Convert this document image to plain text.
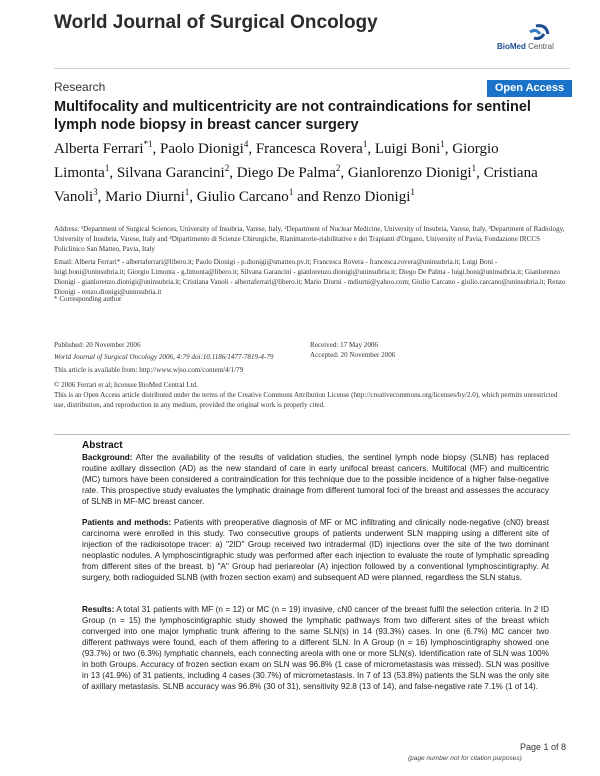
World Journal of Surgical Oncology
BioMed Central
Research	Open Access
Multifocality and multicentricity are not contraindications for sentinel lymph node biopsy in breast cancer surgery
Alberta Ferrari$^{*1}$, Paolo Dionigi$^4$, Francesca Rovera$^1$, Luigi Boni$^1$, Giorgio Limonta$^1$, Silvana Garancini$^2$, Diego De Palma$^2$, Gianlorenzo Dionigi$^1$, Cristiana Vanoli$^3$, Mario Diurni$^1$, Giulio Carcano$^1$ and Renzo Dionigi$^1$
Address: ¹Department of Surgical Sciences, University of Insubria, Varese, Italy, ²Department of Nuclear Medicine, University of Insubria, Varese, Italy, ³Department of Radiology, University of Insubria, Varese, Italy and ⁴Dipartimento di Scienze Chirurgiche, Rianimatorie-riabilitative e dei Trapianti d'Organo, University of Pavia, Fondazione IRCCS Policlinico San Matteo, Pavia, Italy
Email: Alberta Ferrari* - albertaferrari@libero.it; Paolo Dionigi - p.dionigi@smatteo.pv.it; Francesca Rovera - francesca.rovera@uninsubria.it; Luigi Boni - luigi.boni@uninsubria.it; Giorgio Limonta - g.limonta@libero.it; Silvana Garancini - gianlorenzo.dionigi@uninsubria.it; Diego De Palma - luigi.boni@uninsubria.it; Gianlorenzo Dionigi - gianlorenzo.dionigi@uninsubria.it; Cristiana Vanoli - albertaferrari@libero.it; Mario Diurni - mdiurni@yahoo.com; Giulio Carcano - giulio.carcano@uninsubria.it; Renzo Dionigi - renzo.dionigi@uninsubria.it
* Corresponding author
Published: 20 November 2006
World Journal of Surgical Oncology 2006, 4:79 doi:10.1186/1477-7819-4-79
Received: 17 May 2006
Accepted: 20 November 2006
This article is available from: http://www.wjso.com/content/4/1/79
© 2006 Ferrari et al; licensee BioMed Central Ltd.
This is an Open Access article distributed under the terms of the Creative Commons Attribution License (http://creativecommons.org/licenses/by/2.0), which permits unrestricted use, distribution, and reproduction in any medium, provided the original work is properly cited.
Abstract
Background: After the availability of the results of validation studies, the sentinel lymph node biopsy (SLNB) has replaced routine axillary dissection (AD) as the new standard of care in early unifocal breast cancers. Multifocal (MF) and multicentric (MC) tumors have been considered a contraindication for this technique due to the possible incidence of a higher false-negative rate. This prospective study evaluates the lymphatic drainage from different tumoral foci of the breast and assesses the accuracy of SLNB in MF-MC breast cancer.
Patients and methods: Patients with preoperative diagnosis of MF or MC infiltrating and clinically node-negative (cN0) breast carcinoma were enrolled in this study. Two consecutive groups of patients underwent SLN mapping using a different site of injection of the radioisotope tracer: a) "2ID" Group received two intradermal (ID) injections over the site of the two dominant neoplastic nodules. A lymphoscintigraphic study was performed after each injection to evaluate the route of lymphatic spreading from different sites of the breast. b) "A" Group had periareolar (A) injection followed by a conventional lymphoscintigraphy. At surgery, both radioguided SLNB (with frozen section exam) and subsequent AD were planned, regardless the SLN status.
Results: A total 31 patients with MF (n = 12) or MC (n = 19) invasive, cN0 cancer of the breast fulfil the selection criteria. In 2 ID Group (n = 15) the lymphoscintigraphic study showed the lymphatic pathways from two different sites of the breast which converged into one major lymphatic trunk affering to the same SLN(s) in 14 (93.3%) cases. In one (6.7%) MC cancer two different pathways were found, each of them affering to a different SLN. In A Group (n = 16) lymphoscintigraphy showed one (93.7%) or two (6.3%) lymphatic channels, each connecting areola with one or more SLN(s). Identification rate of SLN was 100% in both Groups. Accuracy of frozen section exam on SLN was 96.8% (1 case of micrometastasis was missed). SLN was positive in 13 (41.9%) of 31 patients, including 4 cases (30.7%) of micrometastasis. In 7 of 13 (53.8%) patients the SLN was the only site of axillary metastasis. SLNB accuracy was 96.8% (30 of 31), sensitivity 92.8 (13 of 14), and false-negative rate 7.1% (1 of 14).
Page 1 of 8
(page number not for citation purposes)
